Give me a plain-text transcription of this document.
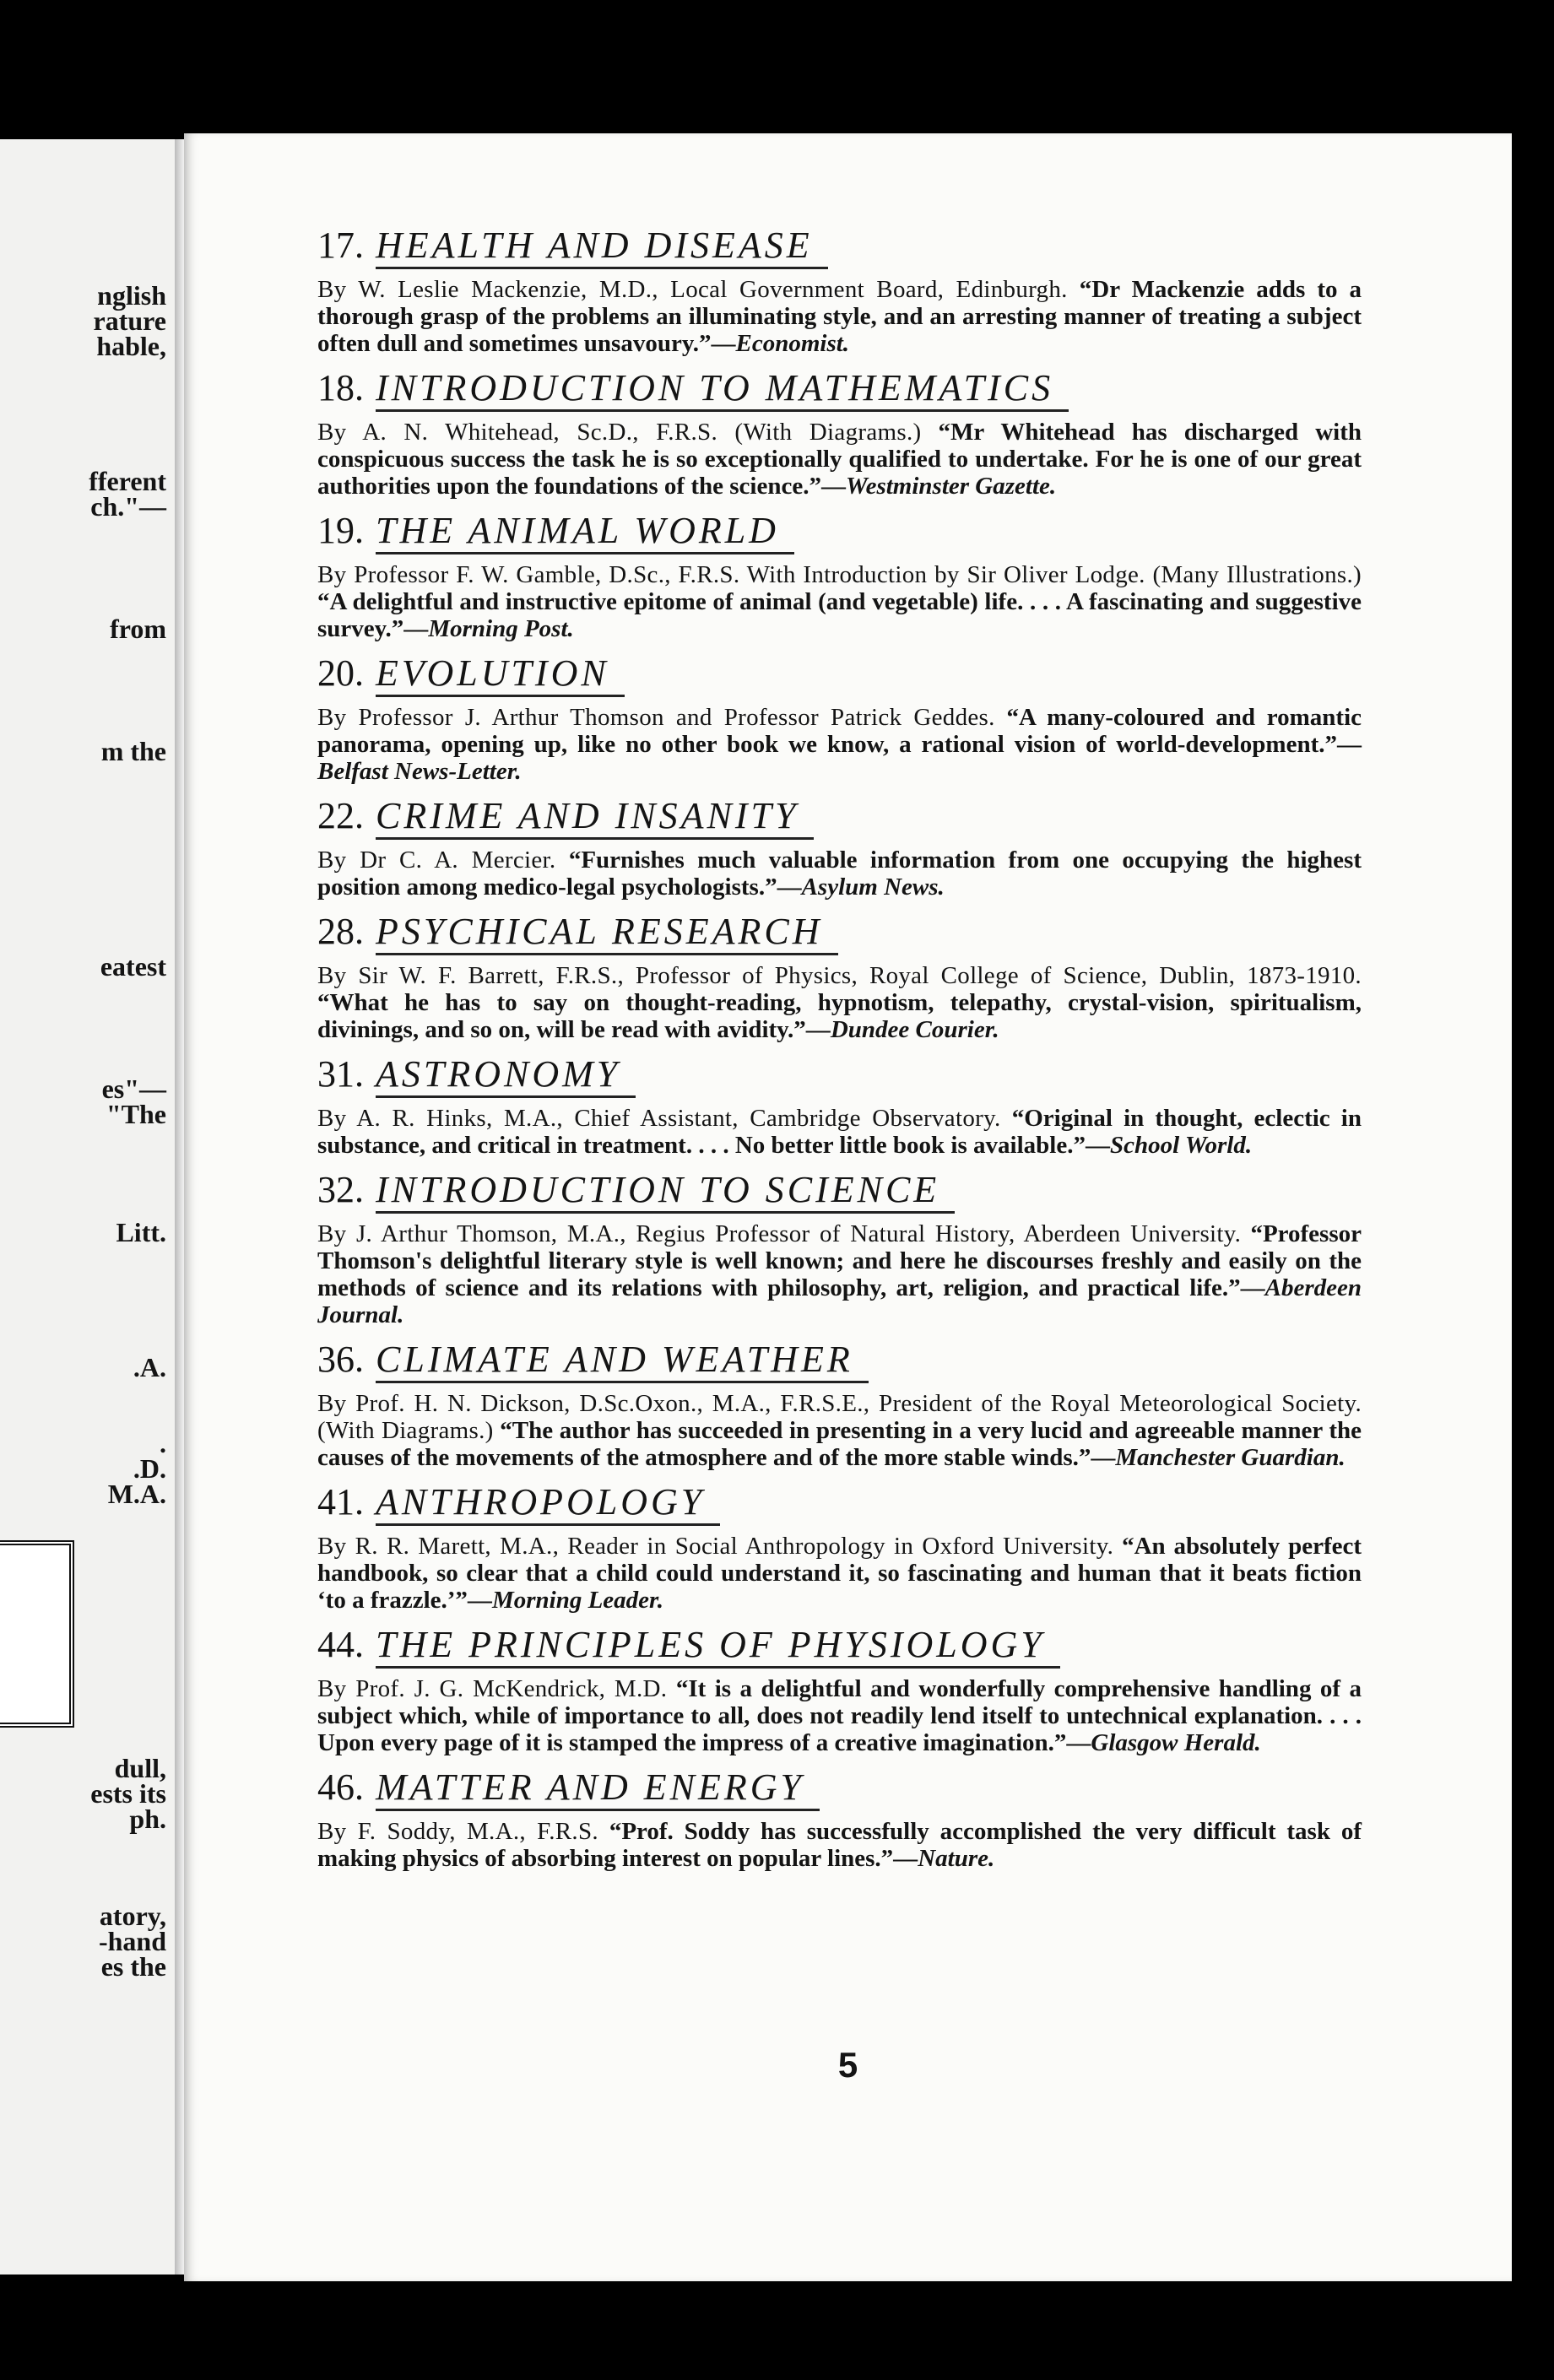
nglish
rature
hable,
fferent
ch."—
from
m the
eatest
es"—
"The
Litt.
.A.
.
.D.
M.A.
dull,
ests its
ph.
atory,
-hand
es the
17. HEALTH AND DISEASE
By W. Leslie Mackenzie, M.D., Local Government Board, Edinburgh. “Dr Mackenzie adds to a thorough grasp of the problems an illuminating style, and an arresting manner of treating a subject often dull and sometimes unsavoury.”—Economist.
18. INTRODUCTION TO MATHEMATICS
By A. N. Whitehead, Sc.D., F.R.S. (With Diagrams.) “Mr Whitehead has discharged with conspicuous success the task he is so exceptionally qualified to undertake. For he is one of our great authorities upon the foundations of the science.”—Westminster Gazette.
19. THE ANIMAL WORLD
By Professor F. W. Gamble, D.Sc., F.R.S. With Introduction by Sir Oliver Lodge. (Many Illustrations.) “A delightful and instructive epitome of animal (and vegetable) life. . . . A fascinating and suggestive survey.”—Morning Post.
20. EVOLUTION
By Professor J. Arthur Thomson and Professor Patrick Geddes. “A many-coloured and romantic panorama, opening up, like no other book we know, a rational vision of world-development.”—Belfast News-Letter.
22. CRIME AND INSANITY
By Dr C. A. Mercier. “Furnishes much valuable information from one occupying the highest position among medico-legal psychologists.”—Asylum News.
28. PSYCHICAL RESEARCH
By Sir W. F. Barrett, F.R.S., Professor of Physics, Royal College of Science, Dublin, 1873-1910. “What he has to say on thought-reading, hypnotism, telepathy, crystal-vision, spiritualism, divinings, and so on, will be read with avidity.”—Dundee Courier.
31. ASTRONOMY
By A. R. Hinks, M.A., Chief Assistant, Cambridge Observatory. “Original in thought, eclectic in substance, and critical in treatment. . . . No better little book is available.”—School World.
32. INTRODUCTION TO SCIENCE
By J. Arthur Thomson, M.A., Regius Professor of Natural History, Aberdeen University. “Professor Thomson's delightful literary style is well known; and here he discourses freshly and easily on the methods of science and its relations with philosophy, art, religion, and practical life.”—Aberdeen Journal.
36. CLIMATE AND WEATHER
By Prof. H. N. Dickson, D.Sc.Oxon., M.A., F.R.S.E., President of the Royal Meteorological Society. (With Diagrams.) “The author has succeeded in presenting in a very lucid and agreeable manner the causes of the movements of the atmosphere and of the more stable winds.”—Manchester Guardian.
41. ANTHROPOLOGY
By R. R. Marett, M.A., Reader in Social Anthropology in Oxford University. “An absolutely perfect handbook, so clear that a child could understand it, so fascinating and human that it beats fiction ‘to a frazzle.’”—Morning Leader.
44. THE PRINCIPLES OF PHYSIOLOGY
By Prof. J. G. McKendrick, M.D. “It is a delightful and wonderfully comprehensive handling of a subject which, while of importance to all, does not readily lend itself to untechnical explanation. . . . Upon every page of it is stamped the impress of a creative imagination.”—Glasgow Herald.
46. MATTER AND ENERGY
By F. Soddy, M.A., F.R.S. “Prof. Soddy has successfully accomplished the very difficult task of making physics of absorbing interest on popular lines.”—Nature.
5
